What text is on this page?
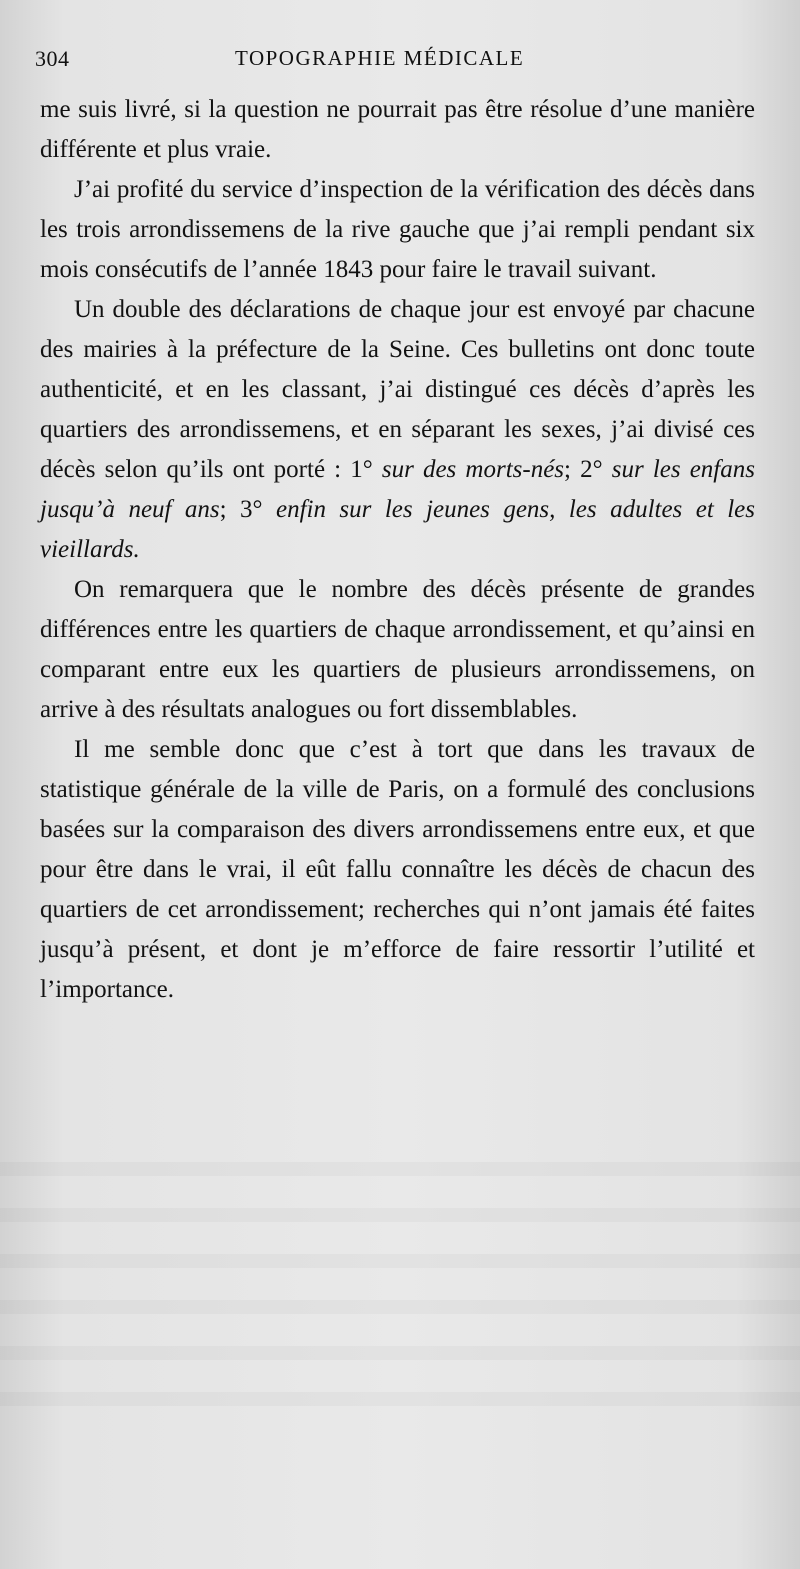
304	TOPOGRAPHIE MÉDICALE

me suis livré, si la question ne pourrait pas être résolue d’une manière différente et plus vraie.

J’ai profité du service d’inspection de la vérification des décès dans les trois arrondissemens de la rive gauche que j’ai rempli pendant six mois consécutifs de l’année 1843 pour faire le travail suivant.

Un double des déclarations de chaque jour est envoyé par chacune des mairies à la préfecture de la Seine. Ces bulletins ont donc toute authenticité, et en les classant, j’ai distingué ces décès d’après les quartiers des arrondissemens, et en séparant les sexes, j’ai divisé ces décès selon qu’ils ont porté : 1° sur des morts-nés; 2° sur les enfans jusqu’à neuf ans; 3° enfin sur les jeunes gens, les adultes et les vieillards.

On remarquera que le nombre des décès présente de grandes différences entre les quartiers de chaque arrondissement, et qu’ainsi en comparant entre eux les quartiers de plusieurs arrondissemens, on arrive à des résultats analogues ou fort dissemblables.

Il me semble donc que c’est à tort que dans les travaux de statistique générale de la ville de Paris, on a formulé des conclusions basées sur la comparaison des divers arrondissemens entre eux, et que pour être dans le vrai, il eût fallu connaître les décès de chacun des quartiers de cet arrondissement; recherches qui n’ont jamais été faites jusqu’à présent, et dont je m’efforce de faire ressortir l’utilité et l’importance.
